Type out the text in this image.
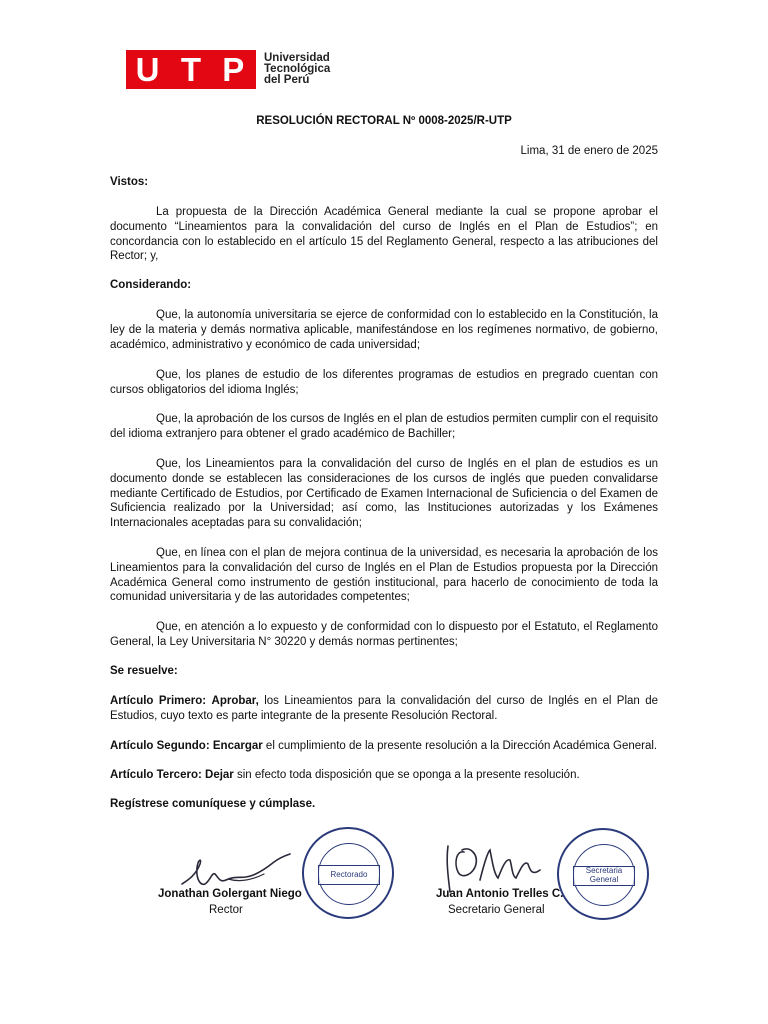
U T P Universidad
Tecnológica
del Perú
RESOLUCIÓN RECTORAL Nº 0008-2025/R-UTP
Lima, 31 de enero de 2025
Vistos:
La propuesta de la Dirección Académica General mediante la cual se propone aprobar el documento “Lineamientos para la convalidación del curso de Inglés en el Plan de Estudios”; en concordancia con lo establecido en el artículo 15 del Reglamento General, respecto a las atribuciones del Rector; y,
Considerando:
Que, la autonomía universitaria se ejerce de conformidad con lo establecido en la Constitución, la ley de la materia y demás normativa aplicable, manifestándose en los regímenes normativo, de gobierno, académico, administrativo y económico de cada universidad;
Que, los planes de estudio de los diferentes programas de estudios en pregrado cuentan con cursos obligatorios del idioma Inglés;
Que, la aprobación de los cursos de Inglés en el plan de estudios permiten cumplir con el requisito del idioma extranjero para obtener el grado académico de Bachiller;
Que, los Lineamientos para la convalidación del curso de Inglés en el plan de estudios es un documento donde se establecen las consideraciones de los cursos de inglés que pueden convalidarse mediante Certificado de Estudios, por Certificado de Examen Internacional de Suficiencia o del Examen de Suficiencia realizado por la Universidad; así como, las Instituciones autorizadas y los Exámenes Internacionales aceptadas para su convalidación;
Que, en línea con el plan de mejora continua de la universidad, es necesaria la aprobación de los Lineamientos para la convalidación del curso de Inglés en el Plan de Estudios propuesta por la Dirección Académica General como instrumento de gestión institucional, para hacerlo de conocimiento de toda la comunidad universitaria y de las autoridades competentes;
Que, en atención a lo expuesto y de conformidad con lo dispuesto por el Estatuto, el Reglamento General, la Ley Universitaria N° 30220 y demás normas pertinentes;
Se resuelve:
Artículo Primero: Aprobar, los Lineamientos para la convalidación del curso de Inglés en el Plan de Estudios, cuyo texto es parte integrante de la presente Resolución Rectoral.
Artículo Segundo: Encargar el cumplimiento de la presente resolución a la Dirección Académica General.
Artículo Tercero: Dejar sin efecto toda disposición que se oponga a la presente resolución.
Regístrese comuníquese y cúmplase.
Rectorado
Jonathan Golergant Niego
Rector
Secretaria General
Juan Antonio Trelles C.
Secretario General
